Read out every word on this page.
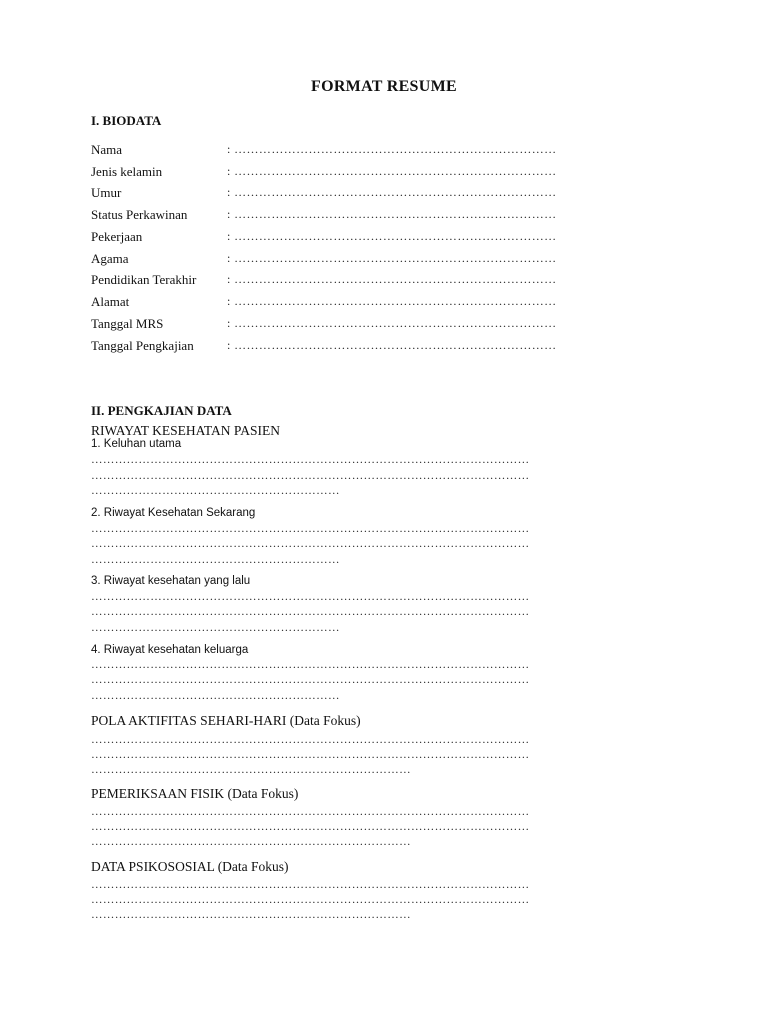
FORMAT RESUME
I. BIODATA
Nama	: ……………………………………………………………………
Jenis kelamin	: ……………………………………………………………………
Umur	: ……………………………………………………………………
Status Perkawinan	: ……………………………………………………………………
Pekerjaan	: ……………………………………………………………………
Agama	: ……………………………………………………………………
Pendidikan Terakhir	: ……………………………………………………………………
Alamat	: ……………………………………………………………………
Tanggal MRS	: ……………………………………………………………………
Tanggal Pengkajian	: ……………………………………………………………………
II. PENGKAJIAN DATA
RIWAYAT KESEHATAN PASIEN
1. Keluhan utama
…………………………………………………………………………………………………
…………………………………………………………………………………………………
………………………………………………………
2. Riwayat Kesehatan Sekarang
…………………………………………………………………………………………………
…………………………………………………………………………………………………
………………………………………………………
3. Riwayat kesehatan yang lalu
…………………………………………………………………………………………………
…………………………………………………………………………………………………
………………………………………………………
4. Riwayat kesehatan keluarga
…………………………………………………………………………………………………
…………………………………………………………………………………………………
………………………………………………………
POLA AKTIFITAS SEHARI-HARI (Data Fokus)
…………………………………………………………………………………………………
…………………………………………………………………………………………………
………………………………………………………………………
PEMERIKSAAN FISIK (Data Fokus)
…………………………………………………………………………………………………
…………………………………………………………………………………………………
………………………………………………………………………
DATA PSIKOSOSIAL (Data Fokus)
…………………………………………………………………………………………………
…………………………………………………………………………………………………
………………………………………………………………………
